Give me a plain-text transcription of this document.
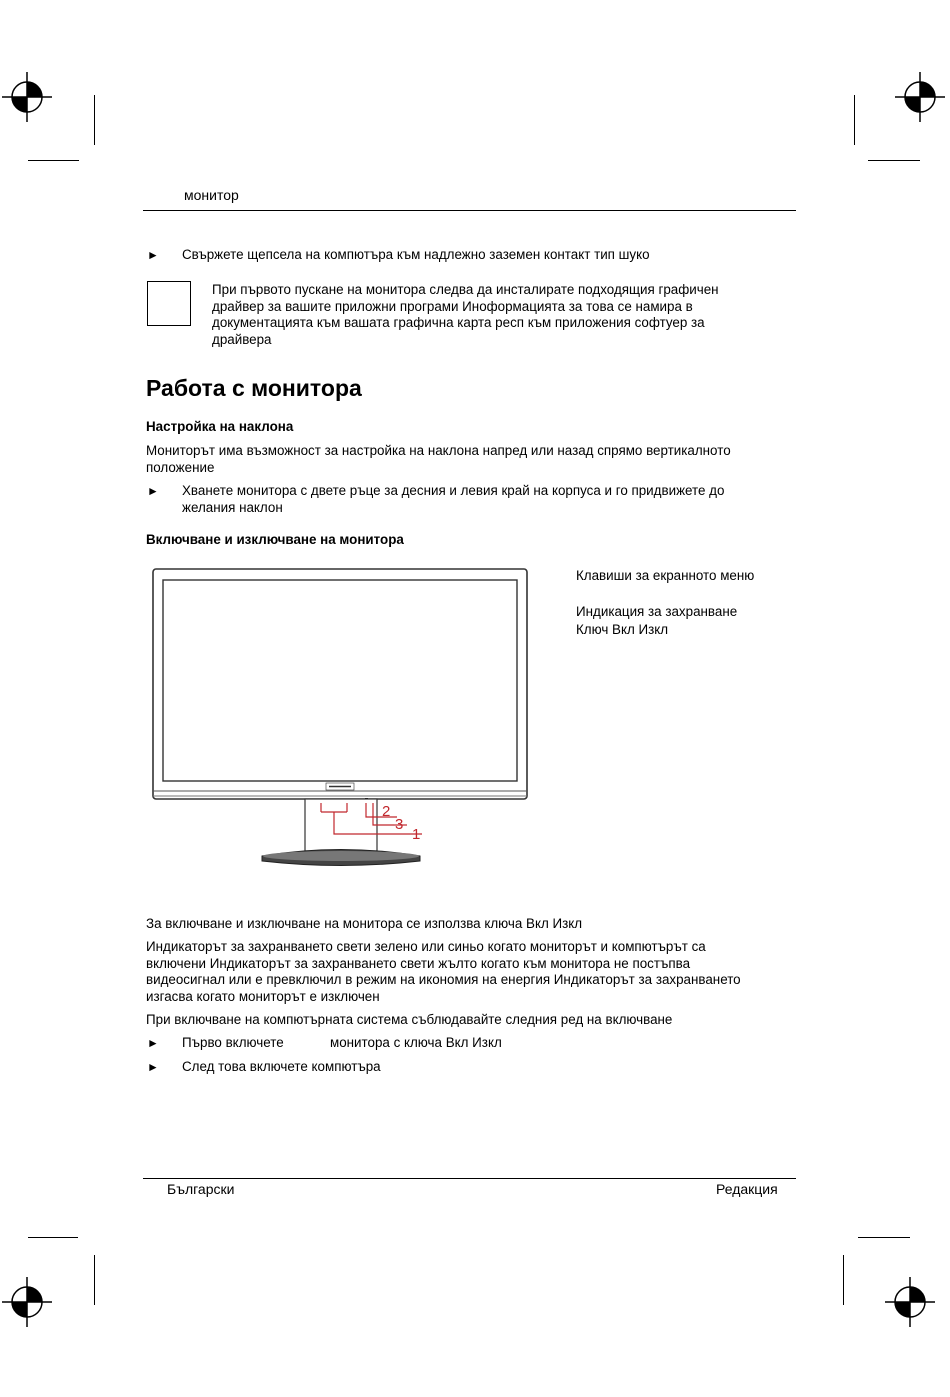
монитор
► Свържете щепсела на компютъра към надлежно заземен контакт тип шуко
При първото пускане на монитора следва да инсталирате подходящия графичен
драйвер за вашите приложни програми Иноформацията за това се намира в
документацията към вашата графична карта респ към приложения софтуер за
драйвера
Работа с монитора
Настройка на наклона
Мониторът има възможност за настройка на наклона напред или назад спрямо вертикалното
положение
► Хванете монитора с двете ръце за десния и левия край на корпуса и го придвижете до
желания наклон
Включване и изключване на монитора
2
3
1
Клавиши за екранното меню
Индикация за захранване
Ключ Вкл Изкл
За включване и изключване на монитора се използва ключа Вкл Изкл
Индикаторът за захранването свети зелено или синьо когато мониторът и компютърът са
включени Индикаторът за захранването свети жълто когато към монитора не постъпва
видеосигнал или е превключил в режим на икономия на енергия Индикаторът за захранването
изгасва когато мониторът е изключен
При включване на компютърната система съблюдавайте следния ред на включване
► Първо включете	монитора с ключа Вкл Изкл
► След това включете компютъра
Български	Редакция
